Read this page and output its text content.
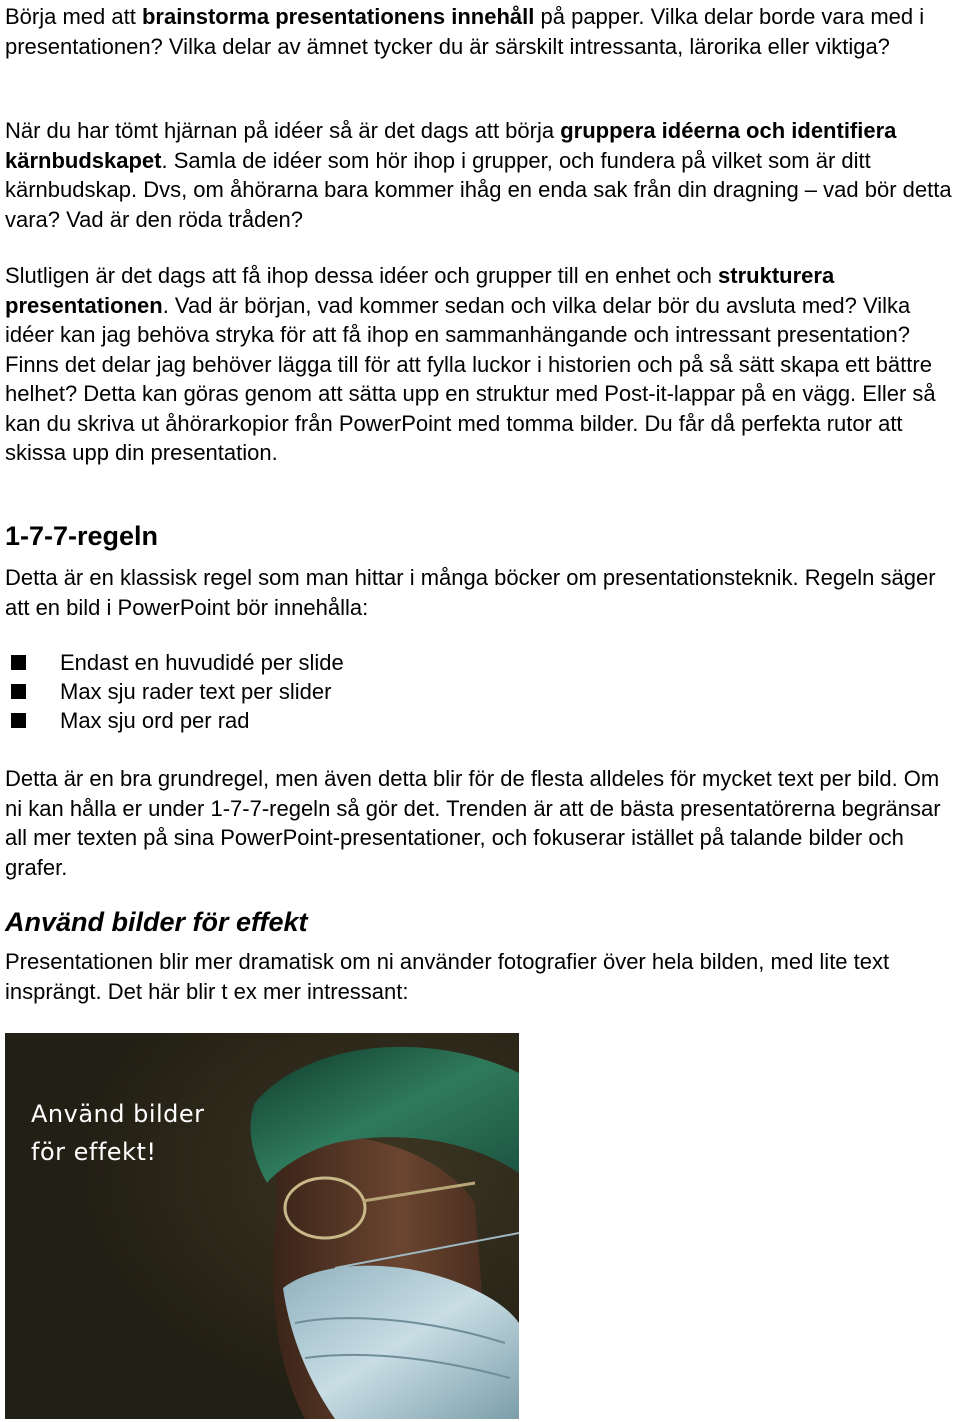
Börja med att brainstorma presentationens innehåll på papper. Vilka delar borde vara med i presentationen? Vilka delar av ämnet tycker du är särskilt intressanta, lärorika eller viktiga?

När du har tömt hjärnan på idéer så är det dags att börja gruppera idéerna och identifiera kärnbudskapet. Samla de idéer som hör ihop i grupper, och fundera på vilket som är ditt kärnbudskap. Dvs, om åhörarna bara kommer ihåg en enda sak från din dragning – vad bör detta vara? Vad är den röda tråden?

Slutligen är det dags att få ihop dessa idéer och grupper till en enhet och strukturera presentationen. Vad är början, vad kommer sedan och vilka delar bör du avsluta med? Vilka idéer kan jag behöva stryka för att få ihop en sammanhängande och intressant presentation? Finns det delar jag behöver lägga till för att fylla luckor i historien och på så sätt skapa ett bättre helhet? Detta kan göras genom att sätta upp en struktur med Post-it-lappar på en vägg. Eller så kan du skriva ut åhörarkopior från PowerPoint med tomma bilder. Du får då perfekta rutor att skissa upp din presentation.

1-7-7-regeln

Detta är en klassisk regel som man hittar i många böcker om presentationsteknik. Regeln säger att en bild i PowerPoint bör innehålla:

Endast en huvudidé per slide
Max sju rader text per slider
Max sju ord per rad

Detta är en bra grundregel, men även detta blir för de flesta alldeles för mycket text per bild. Om ni kan hålla er under 1-7-7-regeln så gör det. Trenden är att de bästa presentatörerna begränsar all mer texten på sina PowerPoint-presentationer, och fokuserar istället på talande bilder och grafer.

Använd bilder för effekt

Presentationen blir mer dramatisk om ni använder fotografier över hela bilden, med lite text insprängt. Det här blir t ex mer intressant:

Använd bilder
för effekt!
